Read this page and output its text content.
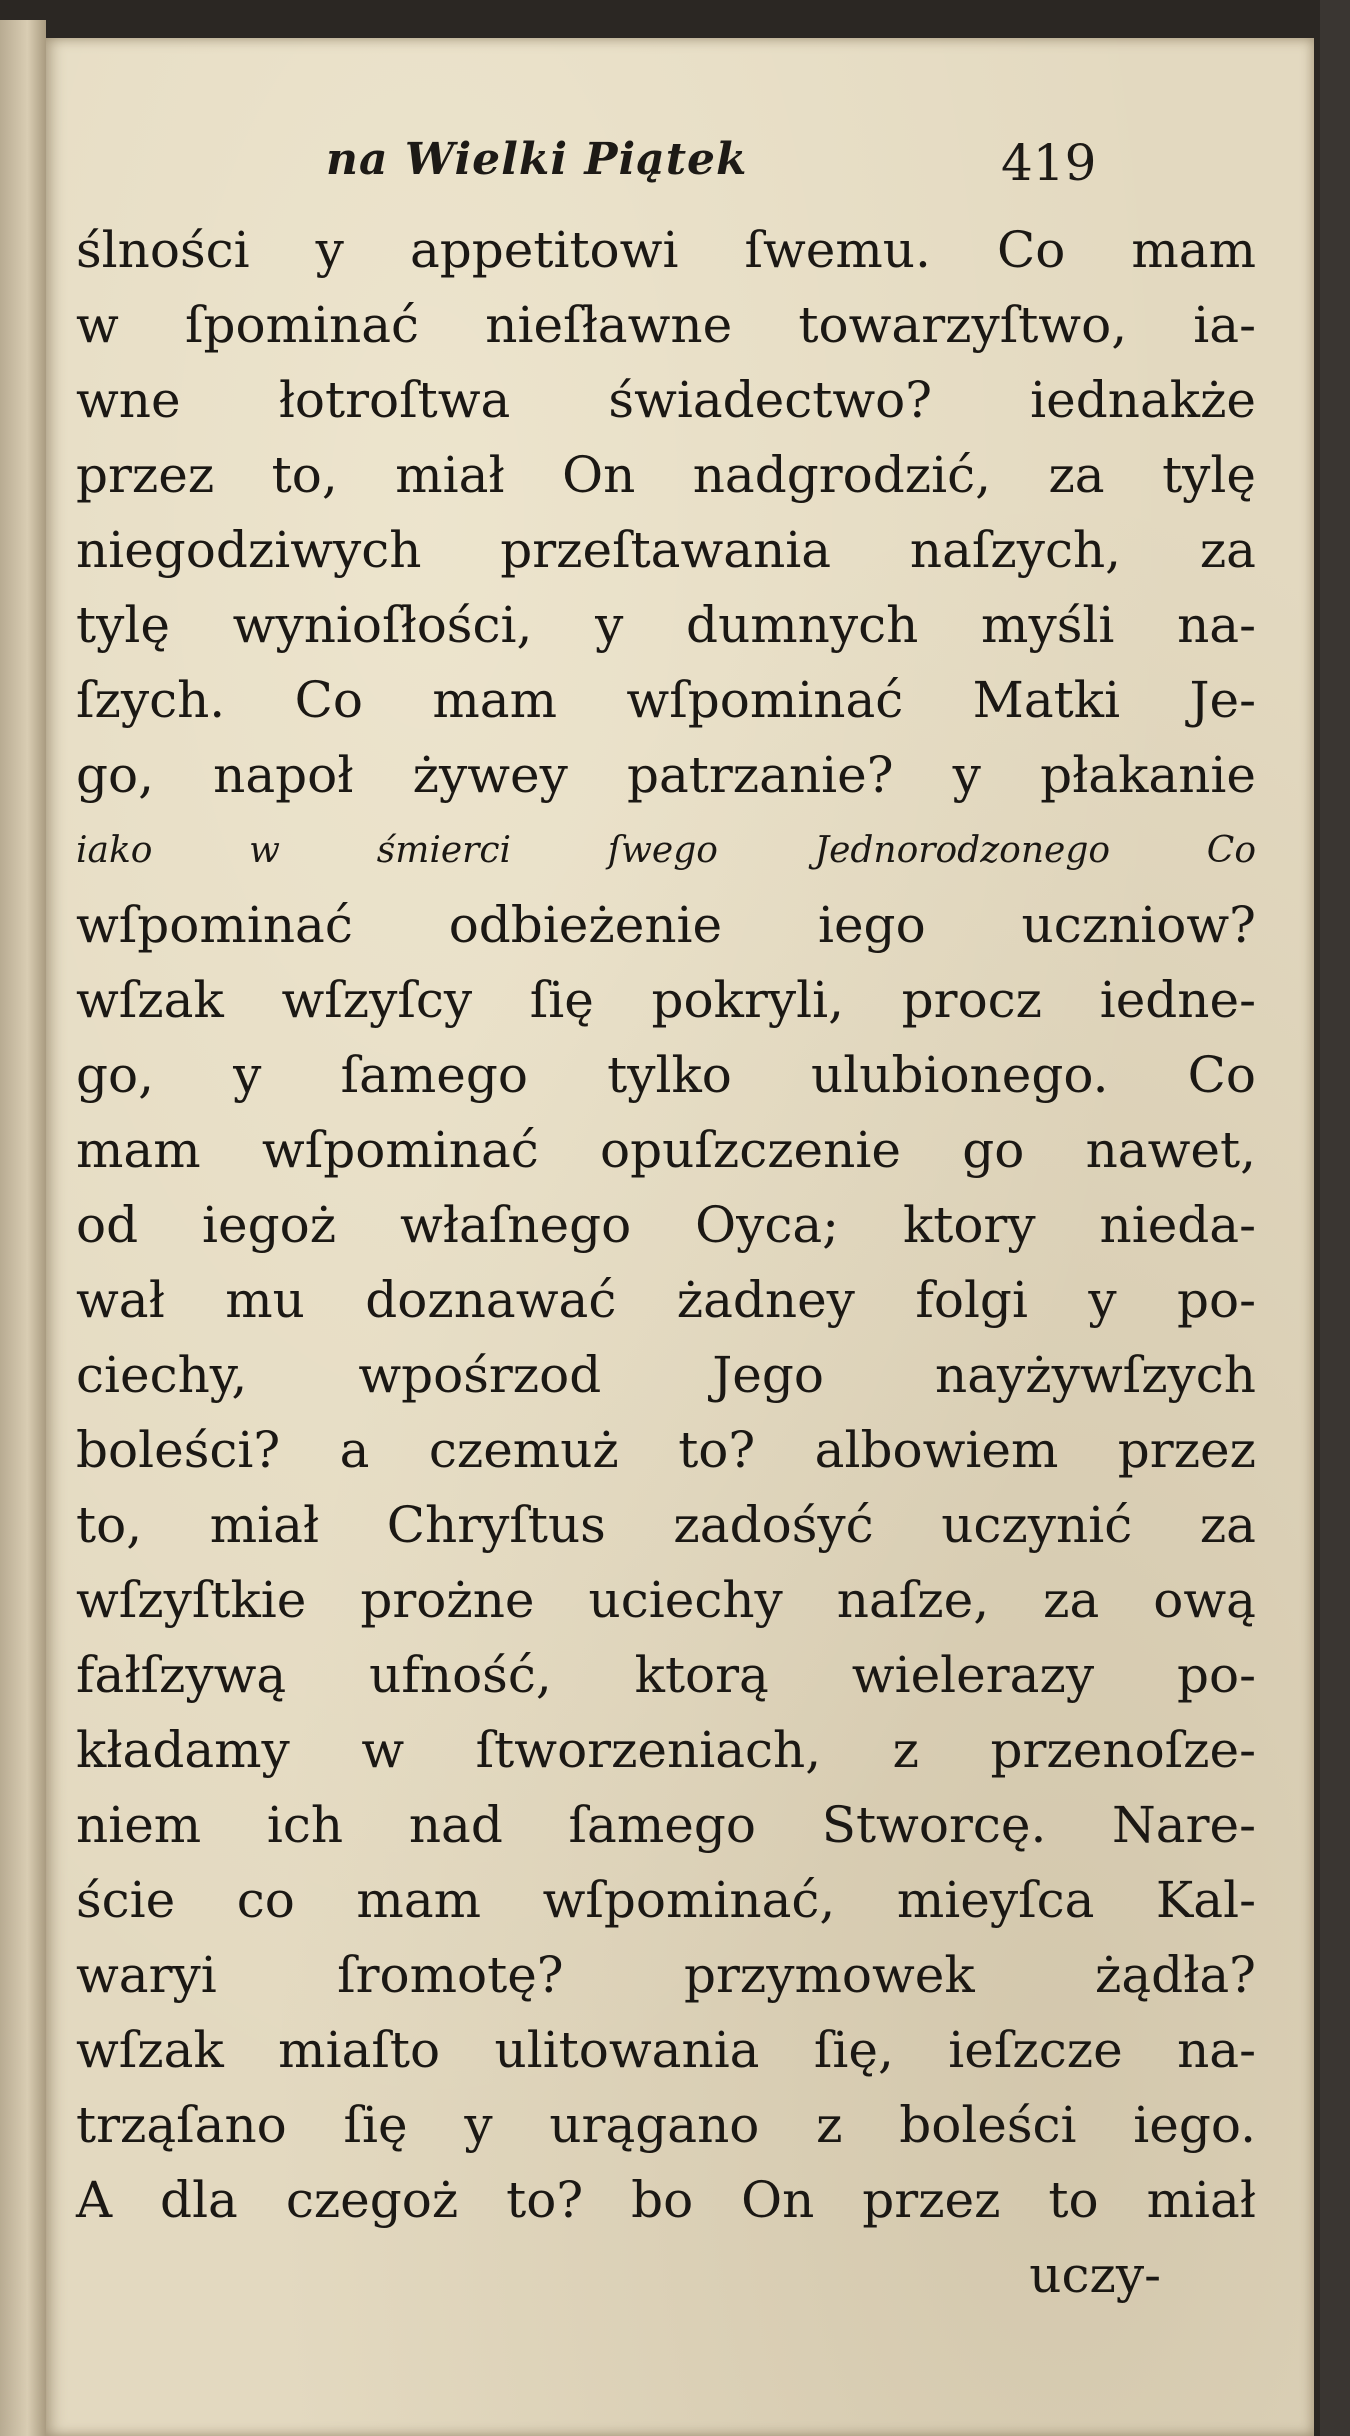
na Wielki Piątek	419
ślności y appetitowi ſwemu. Co mam
w ſpominać nieſławne towarzyſtwo, ia-
wne łotroſtwa świadectwo? iednakże
przez to, miał On nadgrodzić, za tylę
niegodziwych przeſtawania naſzych, za
tylę wynioſłości, y dumnych myśli na-
ſzych. Co mam wſpominać Matki Je-
go, napoł żywey patrzanie? y płakanie
iako w śmierci ſwego Jednorodzonego Co
wſpominać odbieżenie iego uczniow?
wſzak wſzyſcy ſię pokryli, procz iedne-
go, y ſamego tylko ulubionego. Co
mam wſpominać opuſzczenie go nawet,
od iegoż właſnego Oyca; ktory nieda-
wał mu doznawać żadney folgi y po-
ciechy, wpośrzod Jego nayżywſzych
boleści? a czemuż to? albowiem przez
to, miał Chryſtus zadośyć uczynić za
wſzyſtkie prożne uciechy naſze, za ową
fałſzywą ufność, ktorą wielerazy po-
kładamy w ſtworzeniach, z przenoſze-
niem ich nad ſamego Stworcę. Nare-
ście co mam wſpominać, mieyſca Kal-
waryi ſromotę? przymowek żądła?
wſzak miaſto ulitowania ſię, ieſzcze na-
trząſano ſię y urągano z boleści iego.
A dla czegoż to? bo On przez to miał
uczy-
